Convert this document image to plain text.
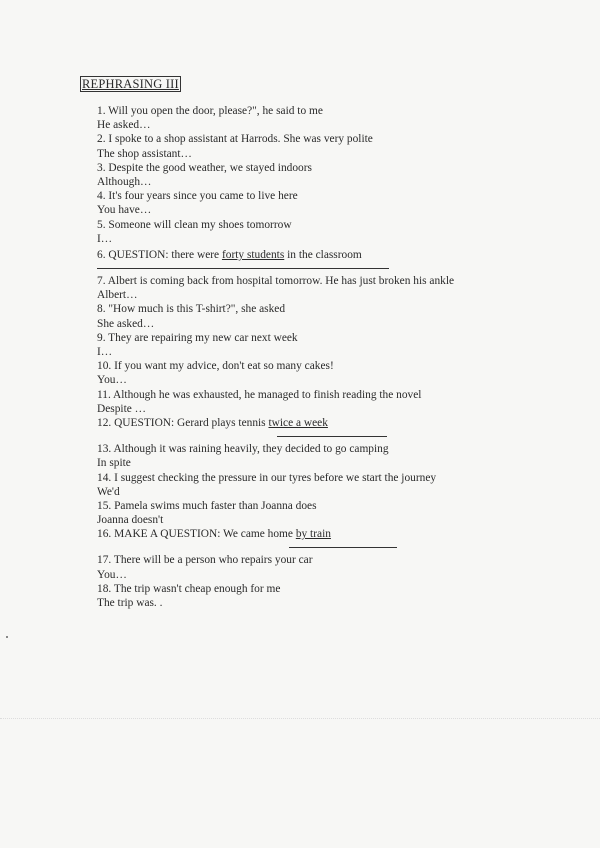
REPHRASING III
1. Will you open the door, please?", he said to me
He asked…
2. I spoke to a shop assistant at Harrods. She was very polite
The shop assistant…
3. Despite the good weather, we stayed indoors
Although…
4. It's four years since you came to live here
You have…
5. Someone will clean my shoes tomorrow
I…
6. QUESTION: there were forty students in the classroom
7. Albert is coming back from hospital tomorrow. He has just broken his ankle
Albert…
8. "How much is this T-shirt?", she asked
She asked…
9. They are repairing my new car next week
I…
10. If you want my advice, don't eat so many cakes!
You…
11. Although he was exhausted, he managed to finish reading the novel
Despite …
12. QUESTION: Gerard plays tennis twice a week
13. Although it was raining heavily, they decided to go camping
In spite
14. I suggest checking the pressure in our tyres before we start the journey
We'd
15. Pamela swims much faster than Joanna does
Joanna doesn't
16. MAKE A QUESTION: We came home by train
17. There will be a person who repairs your car
You…
18. The trip wasn't cheap enough for me
The trip was. .
